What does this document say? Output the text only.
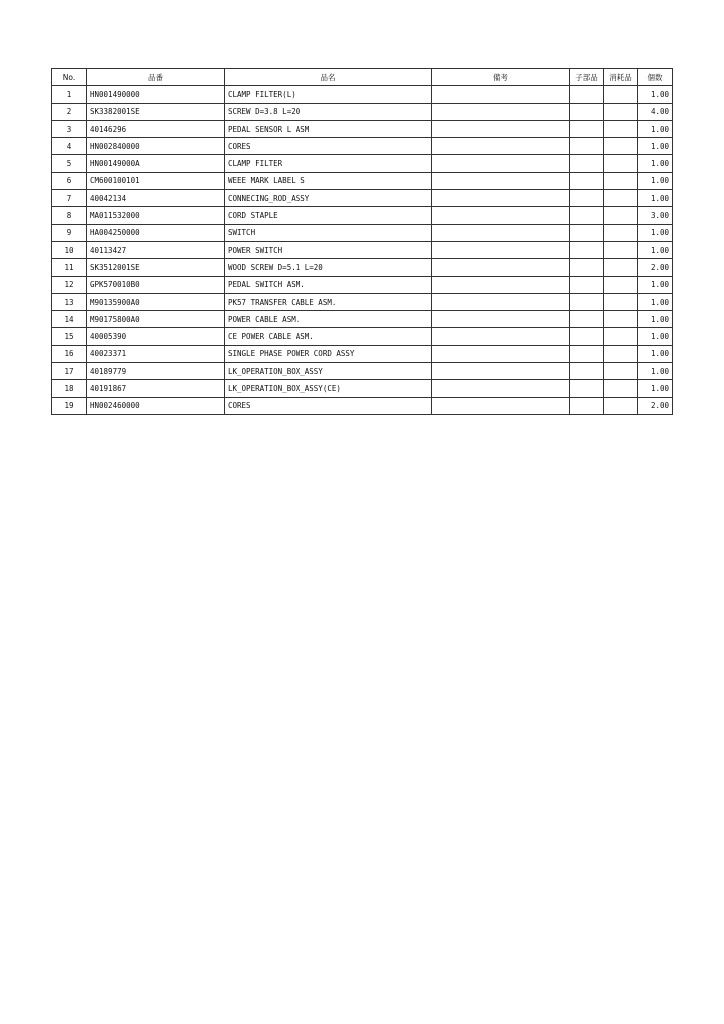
No.	品番	品名	備考	子部品	消耗品	個数
1	HN001490000	CLAMP FILTER(L)				1.00
2	SK3382001SE	SCREW D=3.8 L=20				4.00
3	40146296	PEDAL SENSOR L ASM				1.00
4	HN002840000	CORES				1.00
5	HN00149000A	CLAMP FILTER				1.00
6	CM600100101	WEEE MARK LABEL S				1.00
7	40042134	CONNECING_ROD_ASSY				1.00
8	MA011532000	CORD STAPLE				3.00
9	HA004250000	SWITCH				1.00
10	40113427	POWER SWITCH				1.00
11	SK3512001SE	WOOD SCREW D=5.1 L=20				2.00
12	GPK570010B0	PEDAL SWITCH ASM.				1.00
13	M90135900A0	PK57 TRANSFER CABLE ASM.				1.00
14	M90175800A0	POWER CABLE ASM.				1.00
15	40005390	CE POWER CABLE ASM.				1.00
16	40023371	SINGLE PHASE POWER CORD ASSY				1.00
17	40189779	LK_OPERATION_BOX_ASSY				1.00
18	40191867	LK_OPERATION_BOX_ASSY(CE)				1.00
19	HN002460000	CORES				2.00
